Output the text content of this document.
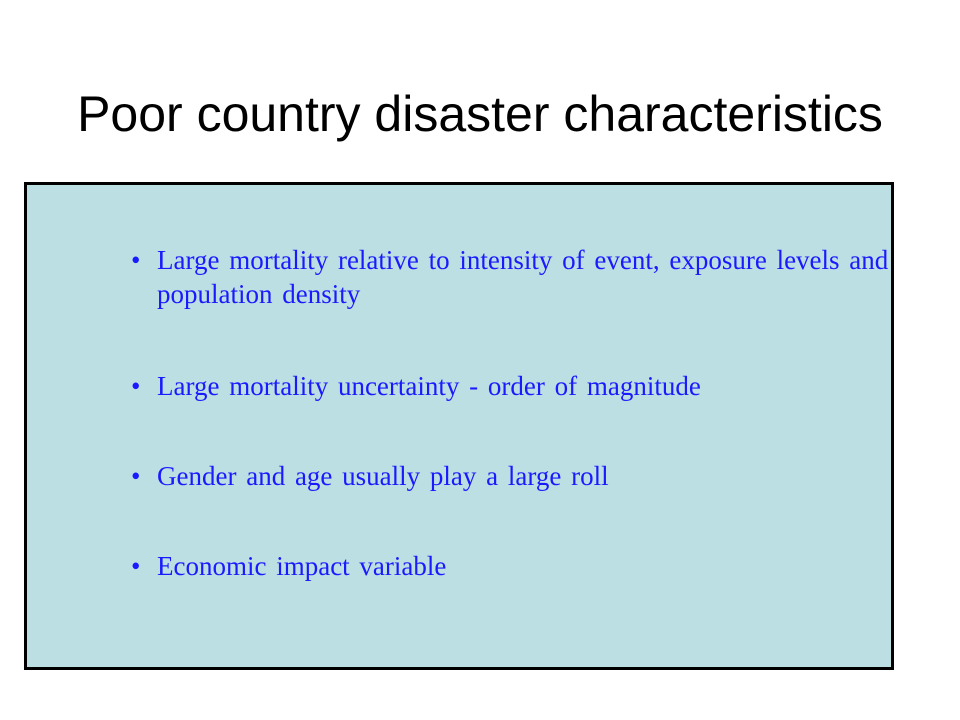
Poor country disaster characteristics
• Large mortality relative to intensity of event, exposure levels and population density
• Large mortality uncertainty - order of magnitude
• Gender and age usually play a large roll
• Economic impact variable
